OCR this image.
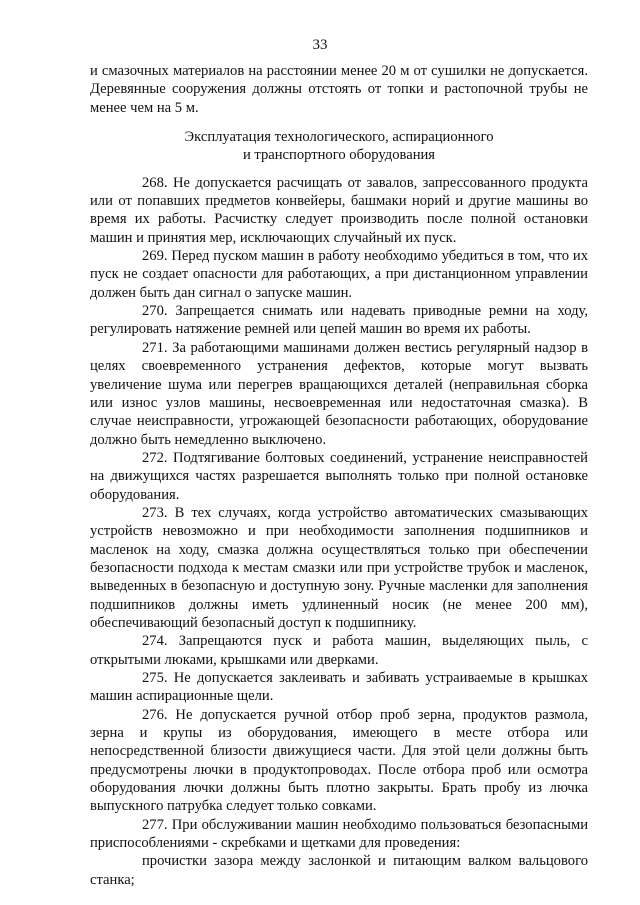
33

и смазочных материалов на расстоянии менее 20 м от сушилки не допускается. Деревянные сооружения должны отстоять от топки и растопочной трубы не менее чем на 5 м.

Эксплуатация технологического, аспирационного
и транспортного оборудования

268. Не допускается расчищать от завалов, запрессованного продукта или от попавших предметов конвейеры, башмаки норий и другие машины во время их работы. Расчистку следует производить после полной остановки машин и принятия мер, исключающих случайный их пуск.

269. Перед пуском машин в работу необходимо убедиться в том, что их пуск не создает опасности для работающих, а при дистанционном управлении должен быть дан сигнал о запуске машин.

270. Запрещается снимать или надевать приводные ремни на ходу, регулировать натяжение ремней или цепей машин во время их работы.

271. За работающими машинами должен вестись регулярный надзор в целях своевременного устранения дефектов, которые могут вызвать увеличение шума или перегрев вращающихся деталей (неправильная сборка или износ узлов машины, несвоевременная или недостаточная смазка). В случае неисправности, угрожающей безопасности работающих, оборудование должно быть немедленно выключено.

272. Подтягивание болтовых соединений, устранение неисправностей на движущихся частях разрешается выполнять только при полной остановке оборудования.

273. В тех случаях, когда устройство автоматических смазывающих устройств невозможно и при необходимости заполнения подшипников и масленок на ходу, смазка должна осуществляться только при обеспечении безопасности подхода к местам смазки или при устройстве трубок и масленок, выведенных в безопасную и доступную зону. Ручные масленки для заполнения подшипников должны иметь удлиненный носик (не менее 200 мм), обеспечивающий безопасный доступ к подшипнику.

274. Запрещаются пуск и работа машин, выделяющих пыль, с открытыми люками, крышками или дверками.

275. Не допускается заклеивать и забивать устраиваемые в крышках машин аспирационные щели.

276. Не допускается ручной отбор проб зерна, продуктов размола, зерна и крупы из оборудования, имеющего в месте отбора или непосредственной близости движущиеся части. Для этой цели должны быть предусмотрены лючки в продуктопроводах. После отбора проб или осмотра оборудования лючки должны быть плотно закрыты. Брать пробу из лючка выпускного патрубка следует только совками.

277. При обслуживании машин необходимо пользоваться безопасными приспособлениями - скребками и щетками для проведения:

прочистки зазора между заслонкой и питающим валком вальцового станка;
